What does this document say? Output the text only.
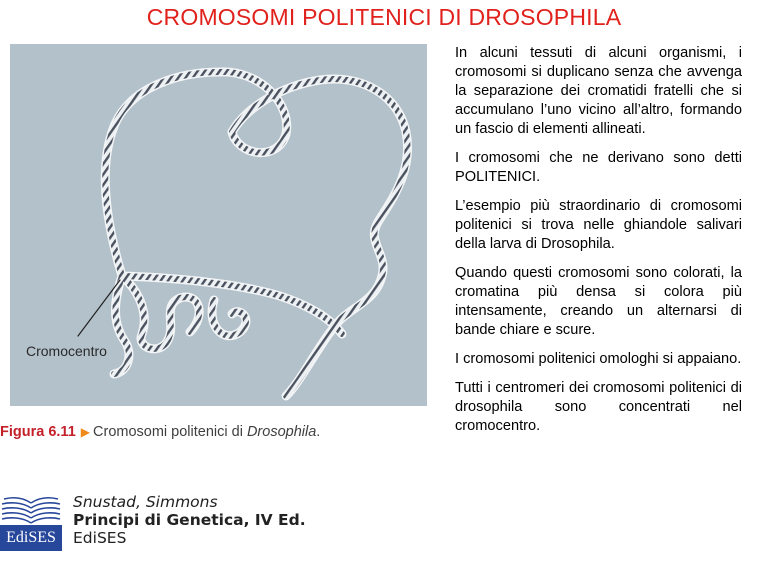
CROMOSOMI POLITENICI DI DROSOPHILA
Cromocentro
Figura 6.11 ▶ Cromosomi politenici di Drosophila.
EdiSES
Snustad, Simmons
Principi di Genetica, IV Ed.
EdiSES

In alcuni tessuti di alcuni organismi, i cromosomi si duplicano senza che avvenga la separazione dei cromatidi fratelli che si accumulano l’uno vicino all’altro, formando un fascio di elementi allineati.

I cromosomi che ne derivano sono detti POLITENICI.

L’esempio più straordinario di cromosomi politenici si trova nelle ghiandole salivari della larva di Drosophila.

Quando questi cromosomi sono colorati, la cromatina più densa si colora più intensamente, creando un alternarsi di bande chiare e scure.

I cromosomi politenici omologhi si appaiano.

Tutti i centromeri dei cromosomi politenici di drosophila sono concentrati nel cromocentro.
